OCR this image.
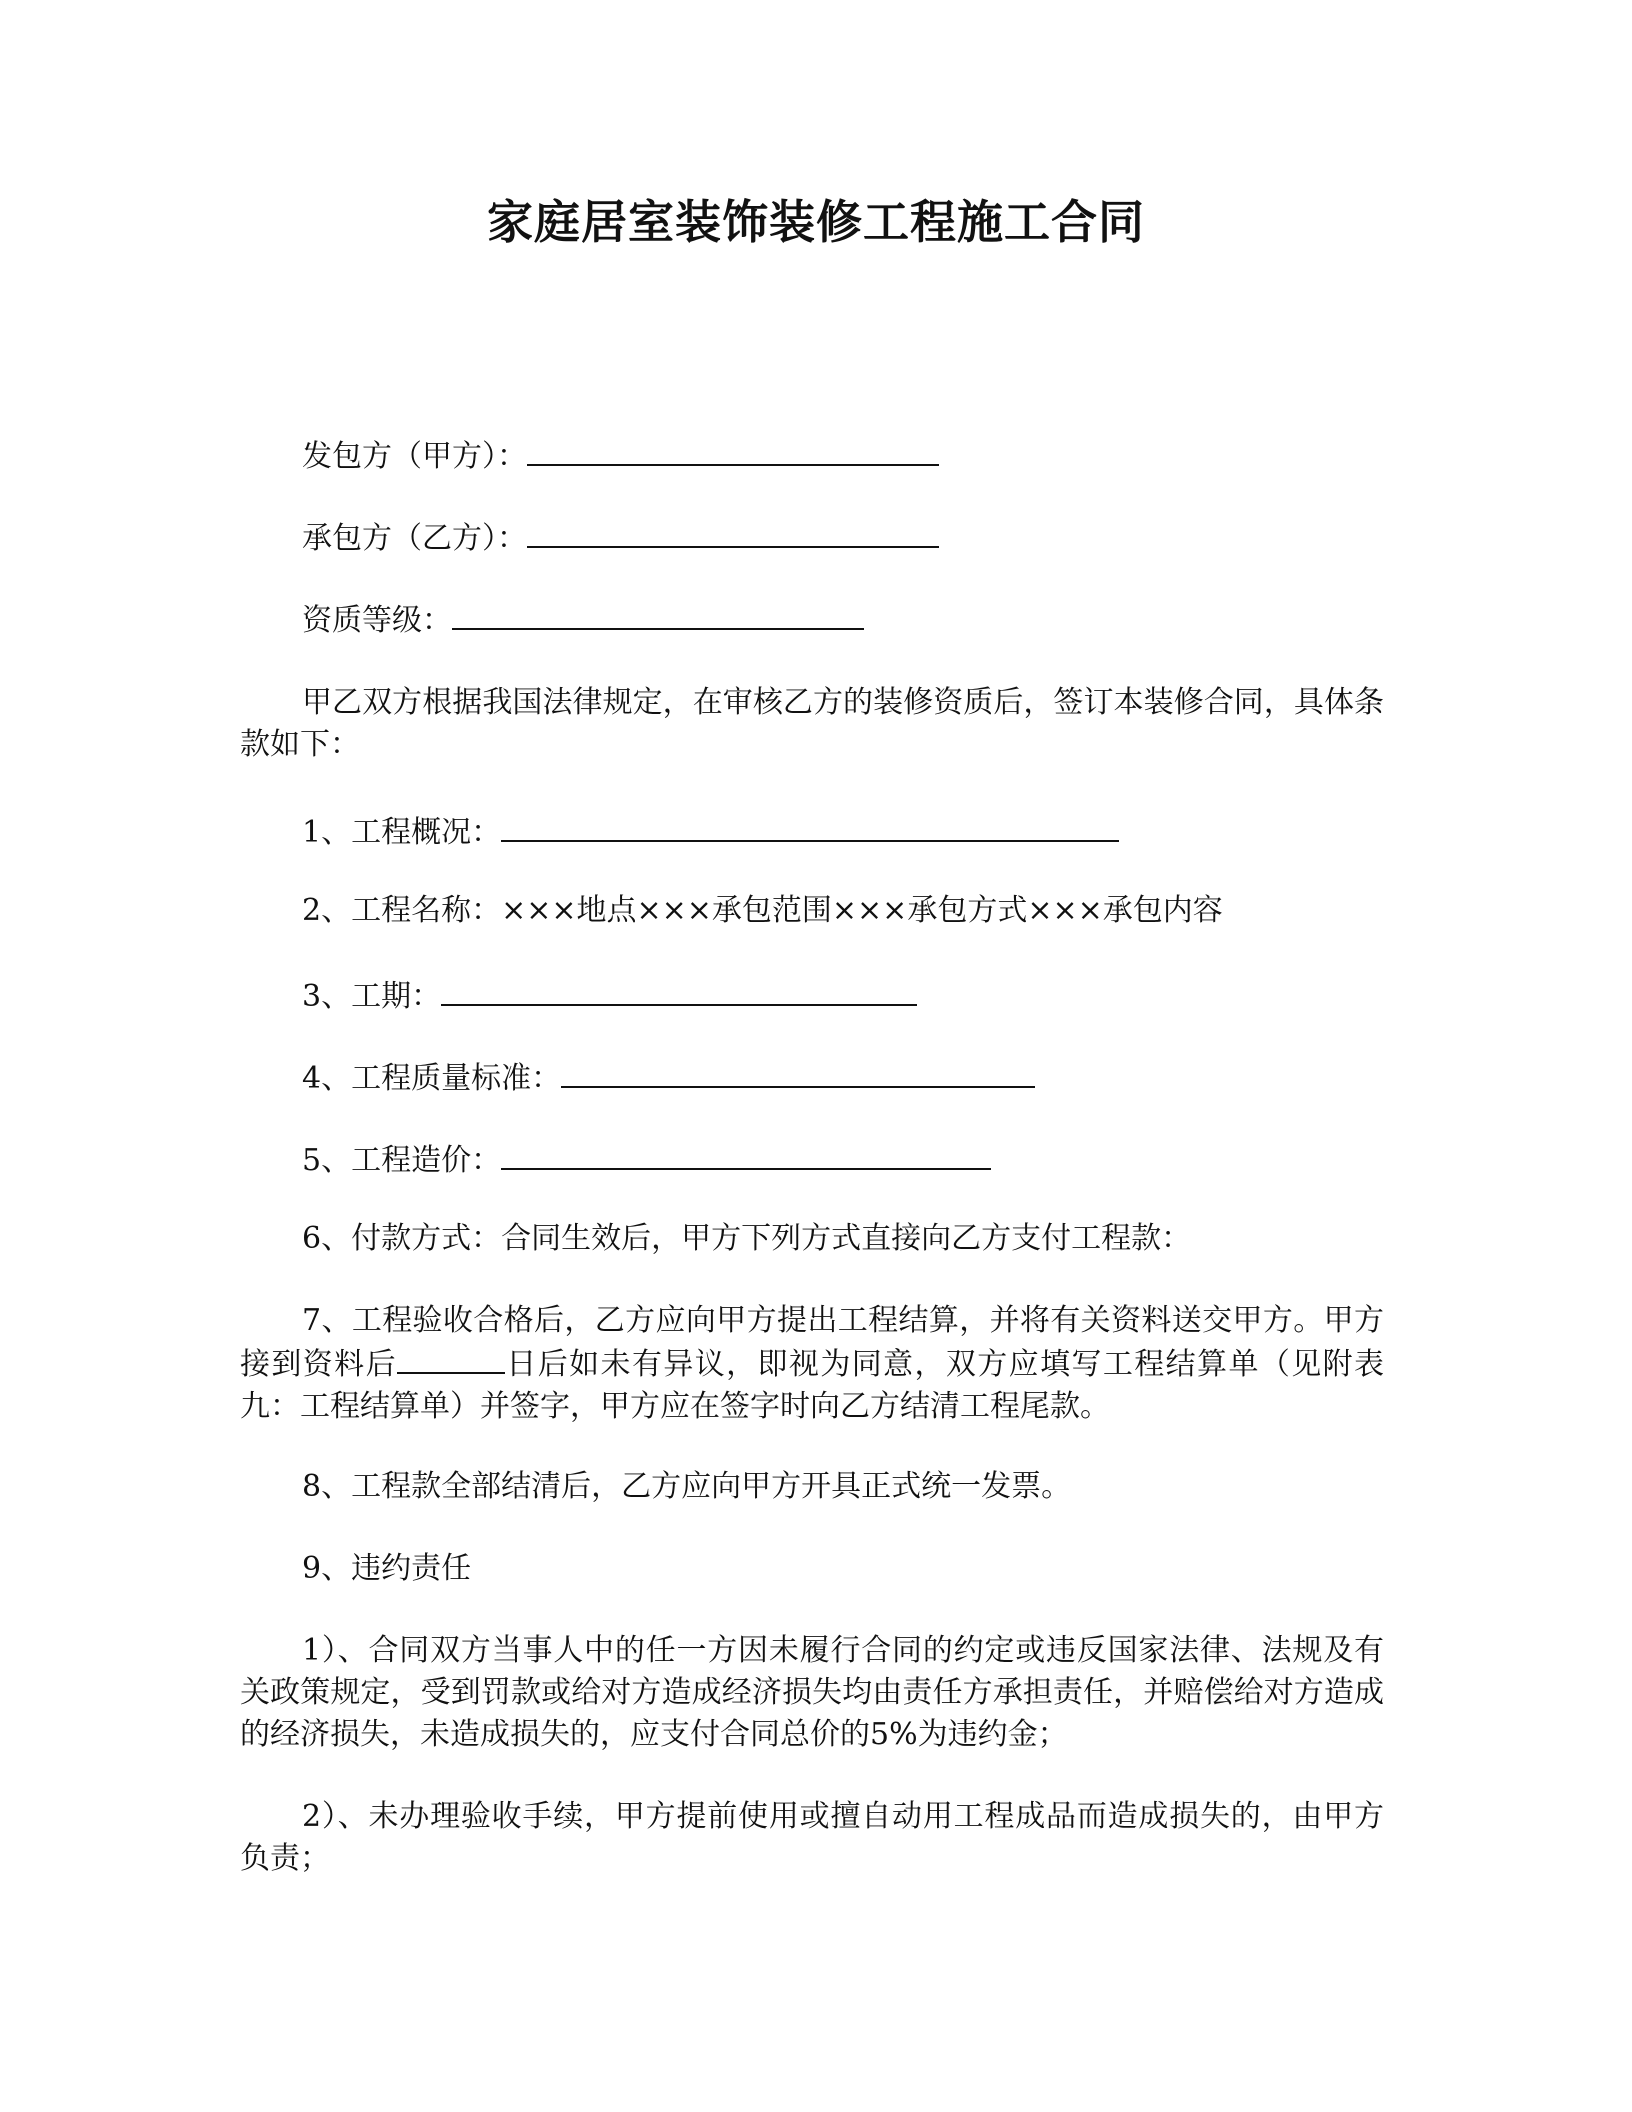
家庭居室装饰装修工程施工合同
发包方（甲方）：
承包方（乙方）：
资质等级：
甲乙双方根据我国法律规定，在审核乙方的装修资质后，签订本装修合同，具体条款如下：
1、工程概况：
2、工程名称：×××地点×××承包范围×××承包方式×××承包内容
3、工期：
4、工程质量标准：
5、工程造价：
6、付款方式：合同生效后，甲方下列方式直接向乙方支付工程款：
7、工程验收合格后，乙方应向甲方提出工程结算，并将有关资料送交甲方。甲方接到资料后	日后如未有异议，即视为同意，双方应填写工程结算单（见附表九：工程结算单）并签字，甲方应在签字时向乙方结清工程尾款。
8、工程款全部结清后，乙方应向甲方开具正式统一发票。
9、违约责任
1）、合同双方当事人中的任一方因未履行合同的约定或违反国家法律、法规及有关政策规定，受到罚款或给对方造成经济损失均由责任方承担责任，并赔偿给对方造成的经济损失，未造成损失的，应支付合同总价的5%为违约金；
2）、未办理验收手续，甲方提前使用或擅自动用工程成品而造成损失的，由甲方负责；
